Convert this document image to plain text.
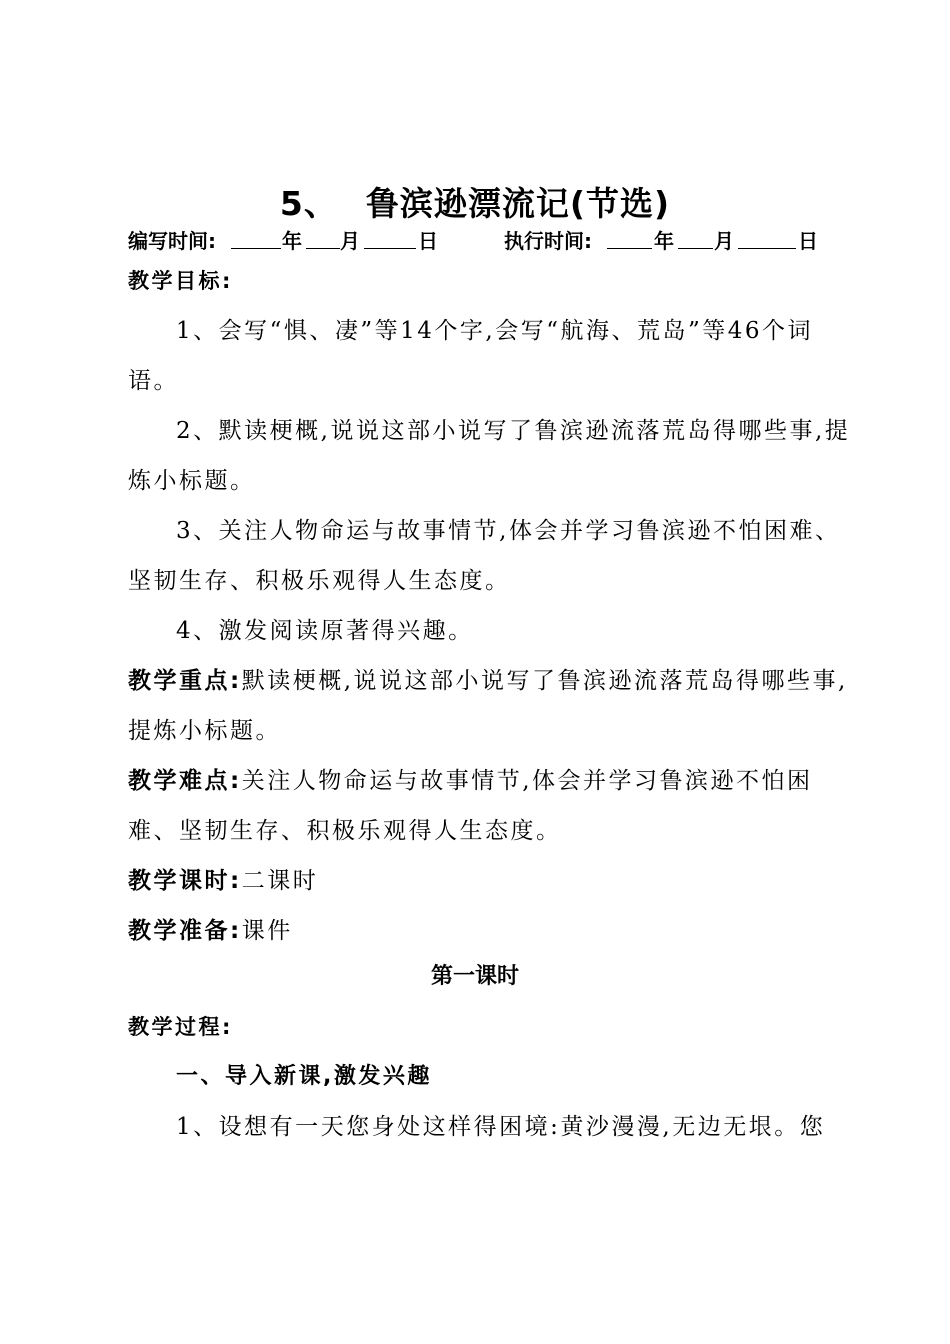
5、 鲁滨逊漂流记(节选)
编写时间:	年 月	日	执行时间:	年 月	日

教学目标:

1、会写“惧、凄”等14个字,会写“航海、荒岛”等46个词语。

2、默读梗概,说说这部小说写了鲁滨逊流落荒岛得哪些事,提炼小标题。

3、关注人物命运与故事情节,体会并学习鲁滨逊不怕困难、坚韧生存、积极乐观得人生态度。

4、激发阅读原著得兴趣。

教学重点:默读梗概,说说这部小说写了鲁滨逊流落荒岛得哪些事,提炼小标题。

教学难点:关注人物命运与故事情节,体会并学习鲁滨逊不怕困难、坚韧生存、积极乐观得人生态度。

教学课时:二课时

教学准备:课件

第一课时

教学过程:

一、导入新课,激发兴趣

1、设想有一天您身处这样得困境:黄沙漫漫,无边无垠。您
